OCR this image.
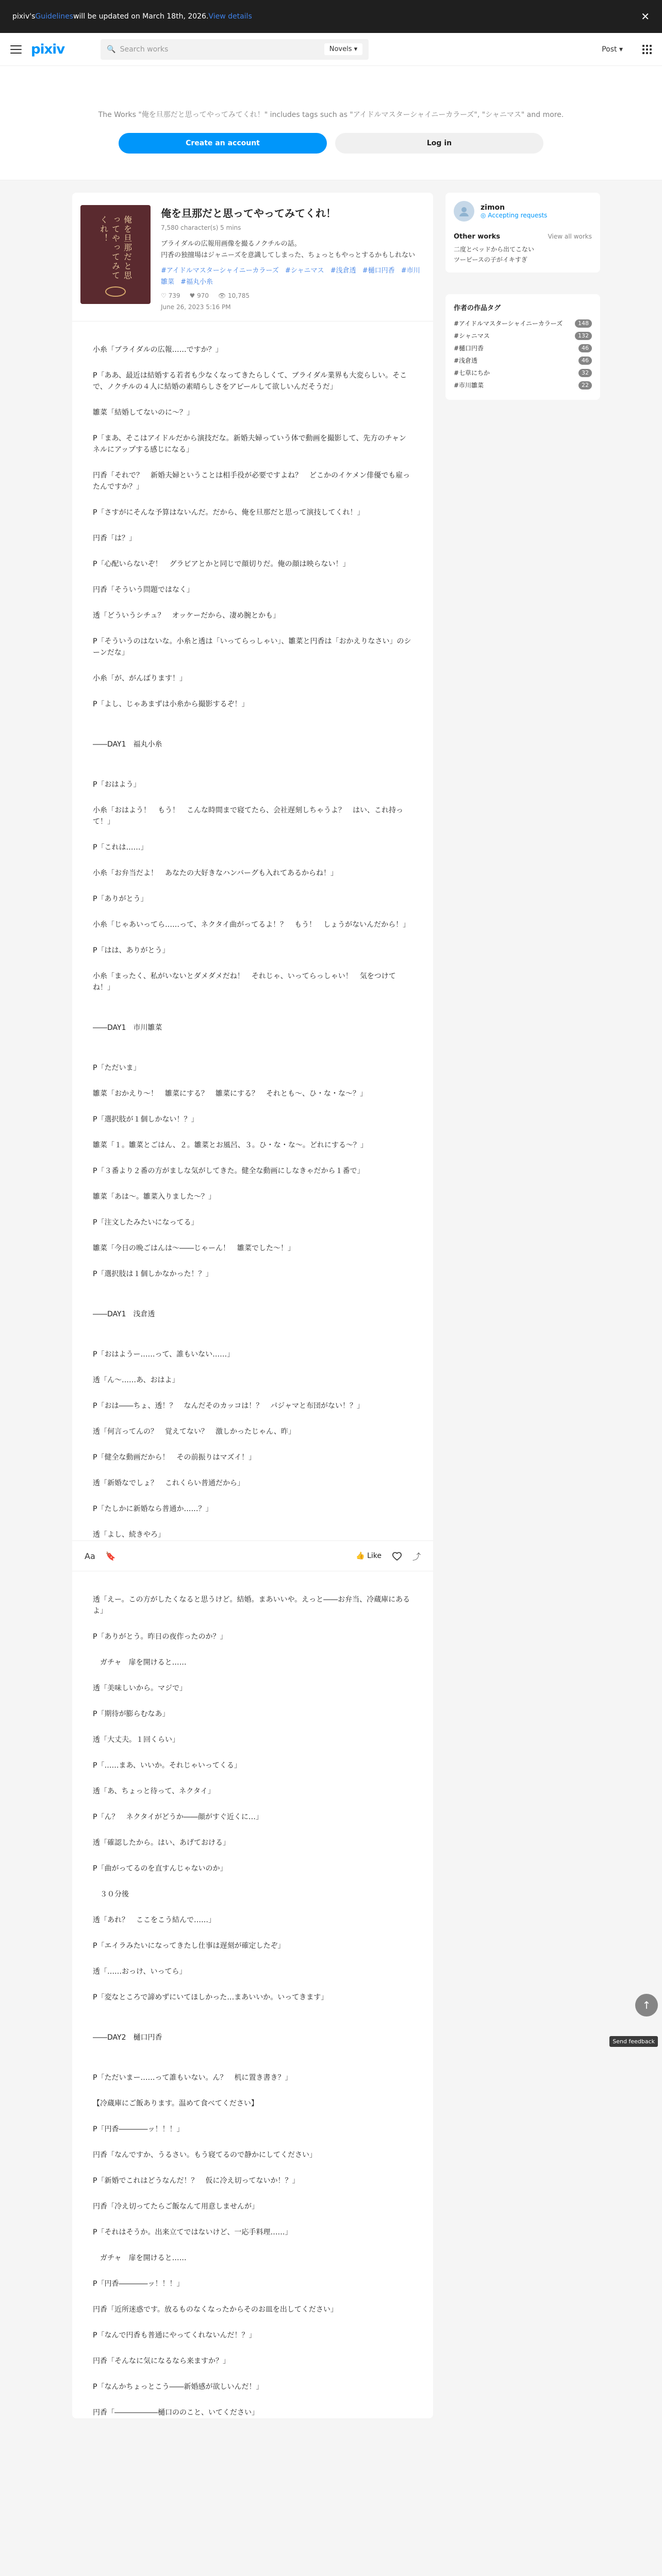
pixiv's Guidelines will be updated on March 18th, 2026. View details	✕
pixiv	🔍 Search works	Novels ▾	Post ▾

The Works "俺を旦那だと思ってやってみてくれ！" includes tags such as "アイドルマスターシャイニーカラーズ", "シャニマス" and more.

Create an account	Log in
俺を旦那だと思ってやってみてくれ！
俺を旦那だと思ってやってみてくれ！
7,580 character(s) 5 mins
ブライダルの広報用画像を撮るノクチルの話。
円香の独擅場はジャニーズを意識してしまった、ちょっともやっとするかもしれない
#アイドルマスターシャイニーカラーズ #シャニマス #浅倉透 #樋口円香 #市川雛菜 #福丸小糸
♡ 739 ♥ 970 👁 10,785
June 26, 2023 5:16 PM

小糸「ブライダルの広報……ですか？」

P「ああ、最近は結婚する若者も少なくなってきたらしくて、ブライダル業界も大変らしい。そこで、ノクチルの４人に結婚の素晴らしさをアピールして欲しいんだそうだ」

雛菜「結婚してないのに〜？」

P「まあ、そこはアイドルだから演技だな。新婚夫婦っていう体で動画を撮影して、先方のチャンネルにアップする感じになる」

円香「それで？　新婚夫婦ということは相手役が必要ですよね？　どこかのイケメン俳優でも雇ったんですか？」

P「さすがにそんな予算はないんだ。だから、俺を旦那だと思って演技してくれ！」

円香「は？」

P「心配いらないぞ！　グラビアとかと同じで顔切りだ。俺の顔は映らない！」

円香「そういう問題ではなく」

透「どういうシチュ？　オッケーだから、凄め腕とかも」

P「そういうのはないな。小糸と透は「いってらっしゃい」、雛菜と円香は「おかえりなさい」のシーンだな」

小糸「が、がんばります！」

P「よし、じゃあまずは小糸から撮影するぞ！」

――DAY1　福丸小糸

P「おはよう」

小糸「おはよう！　もう！　こんな時間まで寝てたら、会社遅刻しちゃうよ？　はい、これ持って！」

P「これは……」

小糸「お弁当だよ！　あなたの大好きなハンバーグも入れてあるからね！」

P「ありがとう」

小糸「じゃあいってら……って、ネクタイ曲がってるよ！？　もう！　しょうがないんだから！」

P「はは、ありがとう」

小糸「まったく、私がいないとダメダメだね！　それじゃ、いってらっしゃい！　気をつけてね！」

――DAY1　市川雛菜

P「ただいま」

雛菜「おかえり〜！　雛菜にする？　雛菜にする？　それとも〜、ひ・な・な〜？」

P「選択肢が１個しかない！？」

雛菜「１。雛菜とごはん、２。雛菜とお風呂、３。ひ・な・な〜。どれにする〜？」

P「３番より２番の方がましな気がしてきた。健全な動画にしなきゃだから１番で」

雛菜「あは〜。雛菜入りました〜？」

P「注文したみたいになってる」

雛菜「今日の晩ごはんは〜――じゃーん！　雛菜でした〜！」

P「選択肢は１個しかなかった！？」

――DAY1　浅倉透

P「おはようー……って、誰もいない……」

透「ん〜……あ、おはよ」

P「おは――ちょ、透！？　なんだそのカッコは！？　パジャマと布団がない！？」

透「何言ってんの？　覚えてない？　激しかったじゃん、昨」

P「健全な動画だから！　その前振りはマズイ！」

透「新婚なでしょ？　これくらい普通だから」

P「たしかに新婚なら普通か……？」

透「よし、続きやろ」

Aa 🔖	👍 Like	⤴

透「えー。この方がしたくなると思うけど。結婚。まあいいや。えっと――お弁当、冷蔵庫にあるよ」

P「ありがとう。昨日の夜作ったのか？」

　ガチャ　扉を開けると……

透「美味しいから。マジで」

P「期待が膨らむなあ」

透「大丈夫。１回くらい」

P「……まあ、いいか。それじゃいってくる」

透「あ、ちょっと待って、ネクタイ」

P「ん？　ネクタイがどうか――顔がすぐ近くに…」

透「確認したから。はい、あげておける」

P「曲がってるのを直すんじゃないのか」

　３０分後

透「あれ？　ここをこう結んで……」

P「エイラみたいになってきたし仕事は遅刻が確定したぞ」

透「……おっけ、いってら」

P「変なところで諦めずにいてほしかった…まあいいか。いってきます」

――DAY2　樋口円香

P「ただいまー……って誰もいない。ん？　机に置き書き？」

【冷蔵庫にご飯あります。温めて食べてください】

P「円香――――ッ！！！」

円香「なんですか、うるさい。もう寝てるので静かにしてください」

P「新婚でこれはどうなんだ！？　仮に冷え切ってないか！？」

円香「冷え切ってたらご飯なんて用意しませんが」

P「それはそうか。出来立てではないけど、一応手料理……」

　ガチャ　扉を開けると……

P「円香――――ッ！！！」

円香「近所迷惑です。放るものなくなったからそのお皿を出してください」

P「なんで円香も普通にやってくれないんだ！？」

円香「そんなに気になるなら来ますか？」

P「なんかちょっとこう――新婚感が欲しいんだ！」

円香「――――――樋口ののこと、いてください」

zimon
◎ Accepting requests
Other works	View all works
二度とベッドから出てこない
ツーピースの子がイキすぎ
作者の作品タグ
#アイドルマスターシャイニーカラーズ	148
#シャニマス	132
#樋口円香	46
#浅倉透	46
#七草にちか	32
#市川雛菜	22
↑
Send feedback
